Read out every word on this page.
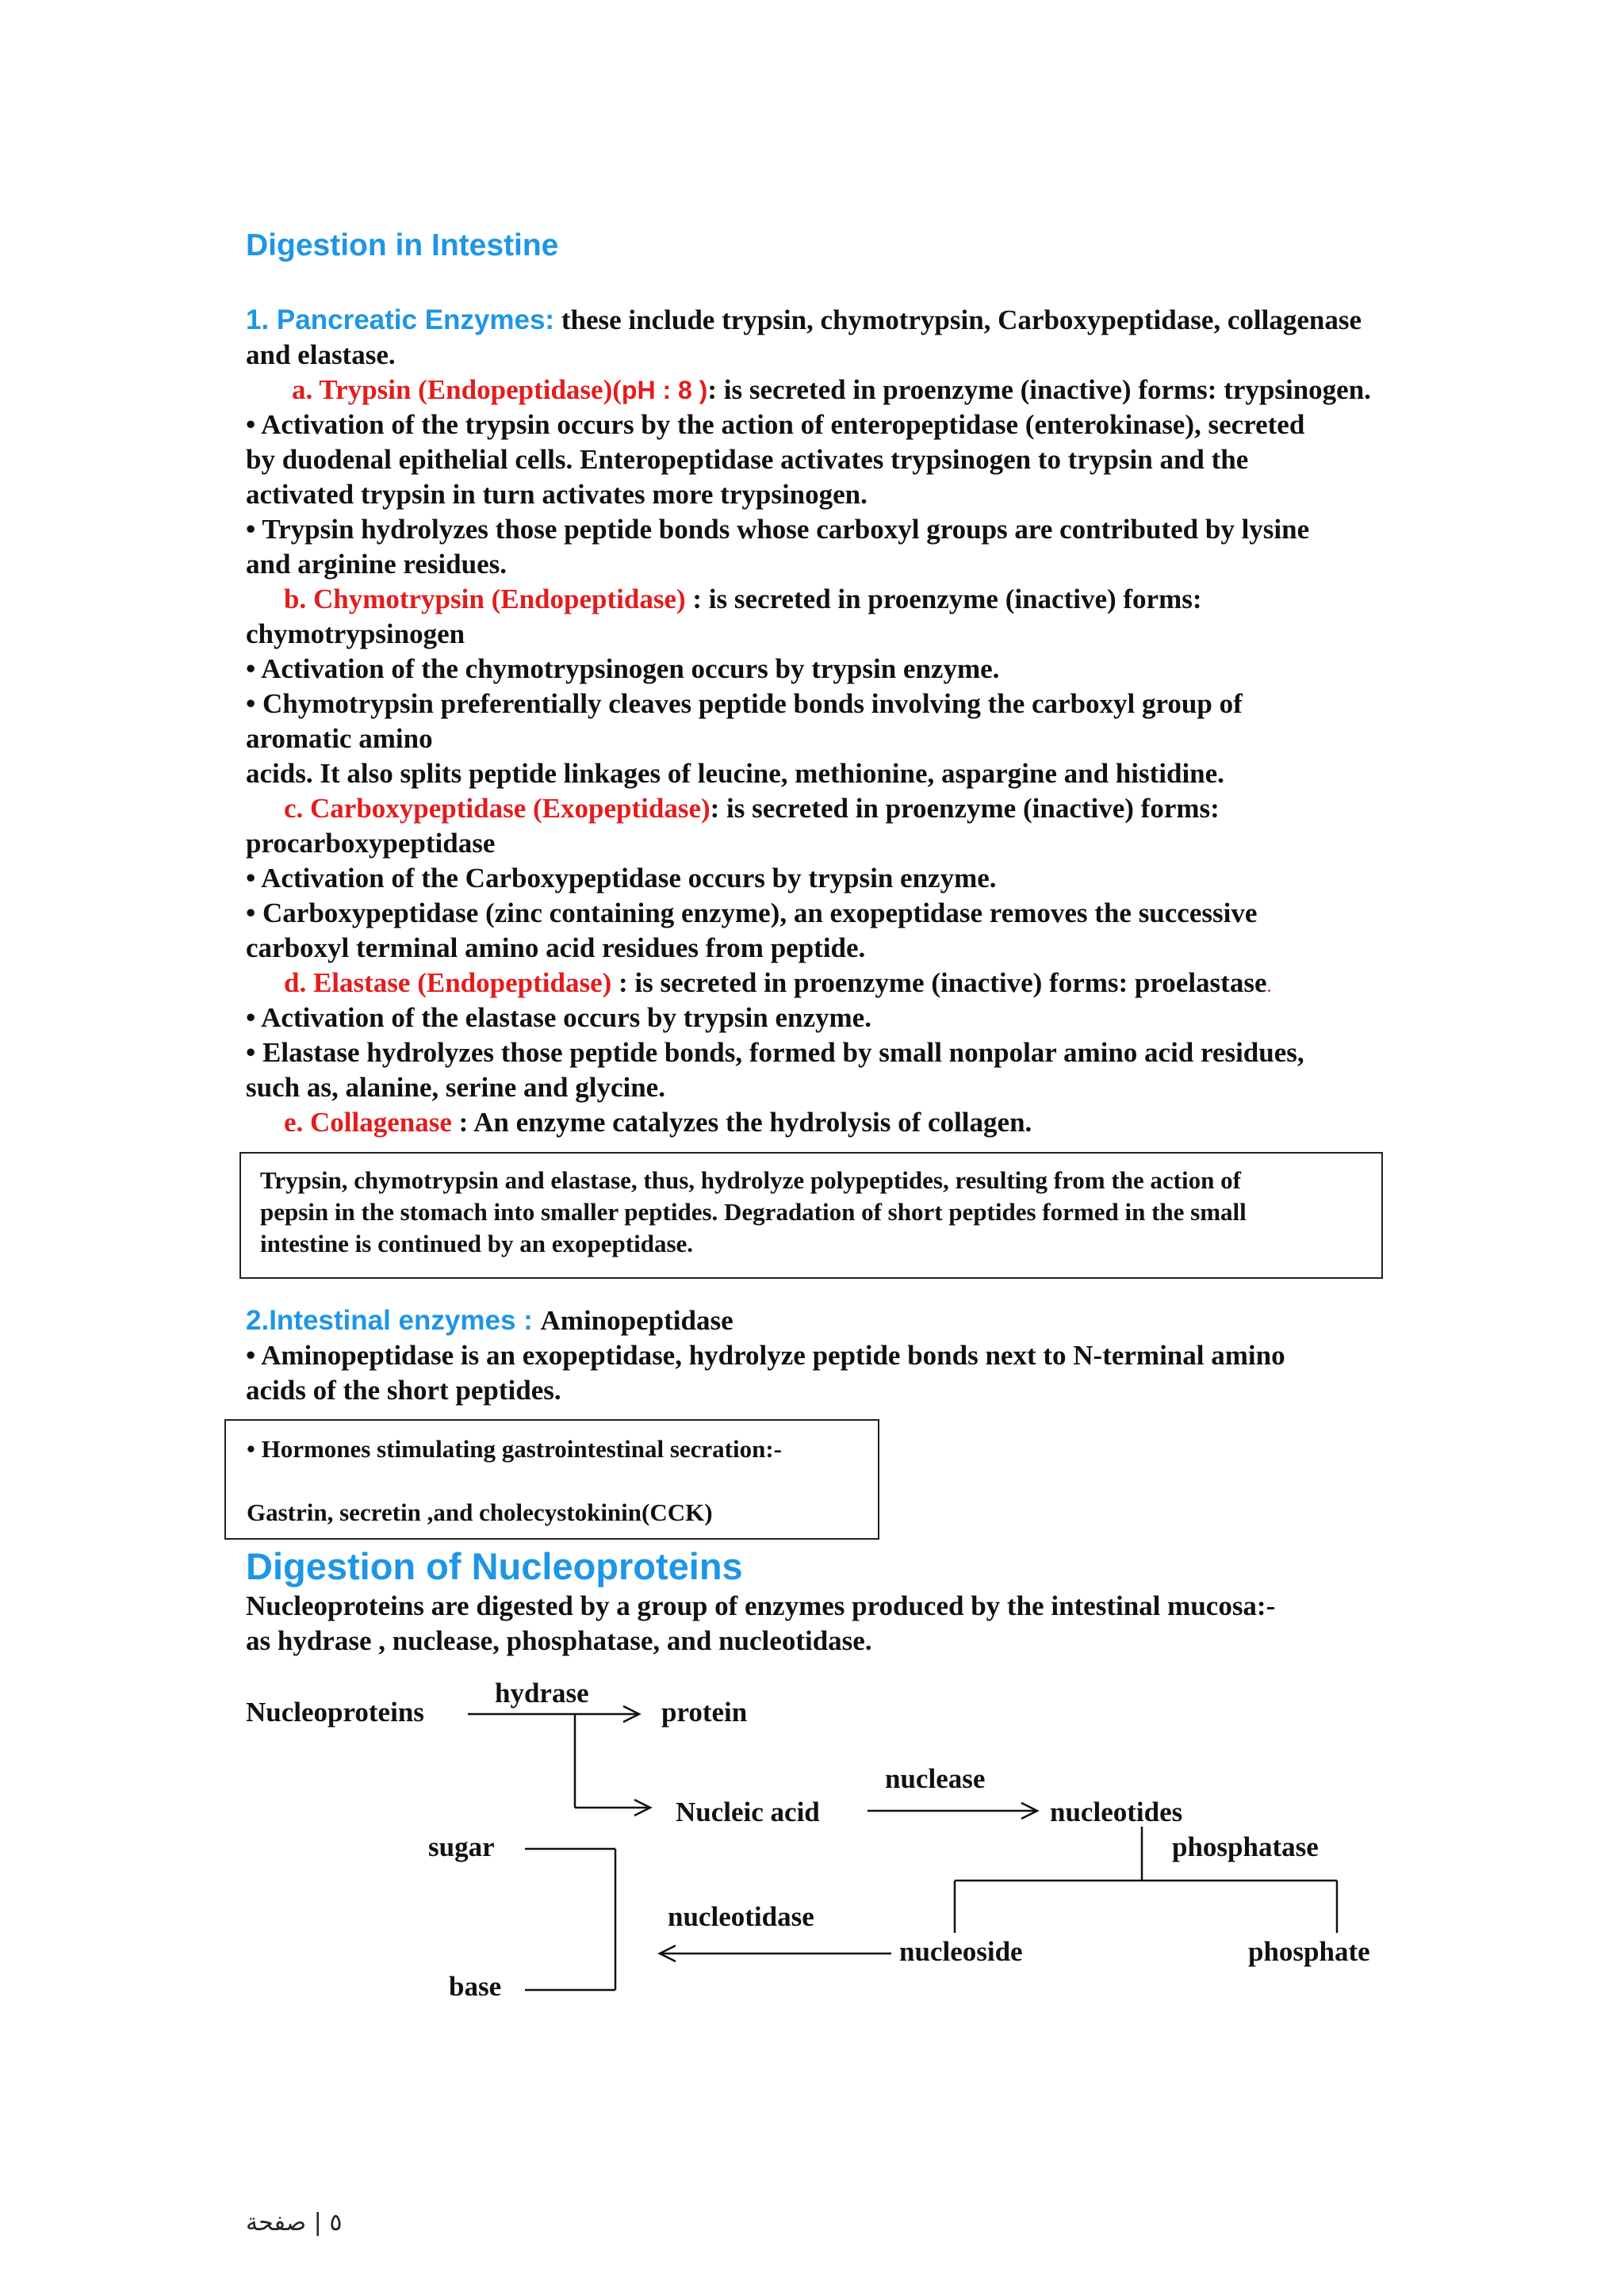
Digestion in Intestine
1. Pancreatic Enzymes: these include trypsin, chymotrypsin, Carboxypeptidase, collagenase
and elastase.
a. Trypsin (Endopeptidase)(pH : 8 ): is secreted in proenzyme (inactive) forms: trypsinogen.
• Activation of the trypsin occurs by the action of enteropeptidase (enterokinase), secreted
by duodenal epithelial cells. Enteropeptidase activates trypsinogen to trypsin and the
activated trypsin in turn activates more trypsinogen.
• Trypsin hydrolyzes those peptide bonds whose carboxyl groups are contributed by lysine
and arginine residues.
b. Chymotrypsin (Endopeptidase) : is secreted in proenzyme (inactive) forms:
chymotrypsinogen
• Activation of the chymotrypsinogen occurs by trypsin enzyme.
• Chymotrypsin preferentially cleaves peptide bonds involving the carboxyl group of
aromatic amino
acids. It also splits peptide linkages of leucine, methionine, aspargine and histidine.
c. Carboxypeptidase (Exopeptidase): is secreted in proenzyme (inactive) forms:
procarboxypeptidase
• Activation of the Carboxypeptidase occurs by trypsin enzyme.
• Carboxypeptidase (zinc containing enzyme), an exopeptidase removes the successive
carboxyl terminal amino acid residues from peptide.
d. Elastase (Endopeptidase) : is secreted in proenzyme (inactive) forms: proelastase.
• Activation of the elastase occurs by trypsin enzyme.
• Elastase hydrolyzes those peptide bonds, formed by small nonpolar amino acid residues,
such as, alanine, serine and glycine.
e. Collagenase : An enzyme catalyzes the hydrolysis of collagen.
Trypsin, chymotrypsin and elastase, thus, hydrolyze polypeptides, resulting from the action of
pepsin in the stomach into smaller peptides. Degradation of short peptides formed in the small
intestine is continued by an exopeptidase.
2.Intestinal enzymes : Aminopeptidase
• Aminopeptidase is an exopeptidase, hydrolyze peptide bonds next to N-terminal amino
acids of the short peptides.
• Hormones stimulating gastrointestinal secration:-
Gastrin, secretin ,and cholecystokinin(CCK)
Digestion of Nucleoproteins
Nucleoproteins are digested by a group of enzymes produced by the intestinal mucosa:-
as hydrase , nuclease, phosphatase, and nucleotidase.
Nucleoproteins
hydrase
protein
nuclease
Nucleic acid	nucleotides
sugar	phosphatase
nucleotidase
nucleoside	phosphate
base
٥ | صفحة
